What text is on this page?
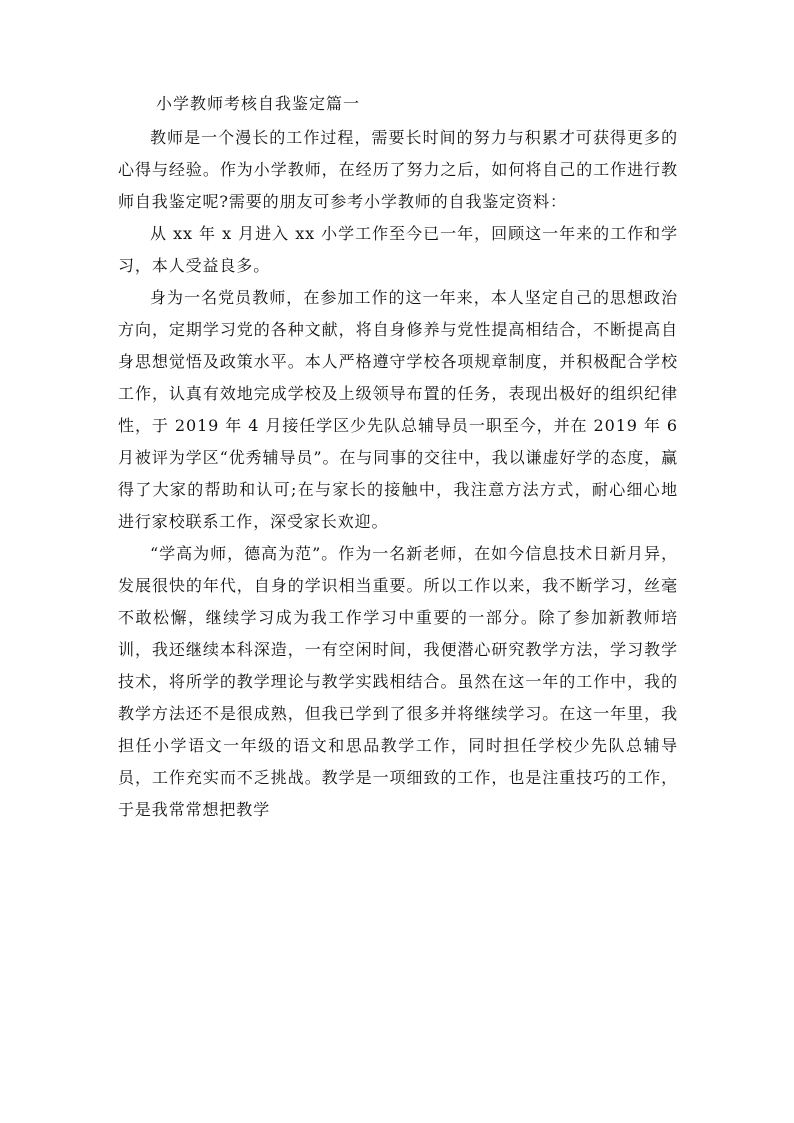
小学教师考核自我鉴定篇一

教师是一个漫长的工作过程，需要长时间的努力与积累才可获得更多的心得与经验。作为小学教师，在经历了努力之后，如何将自己的工作进行教师自我鉴定呢?需要的朋友可参考小学教师的自我鉴定资料：

从 xx 年 x 月进入 xx 小学工作至今已一年，回顾这一年来的工作和学习，本人受益良多。

身为一名党员教师，在参加工作的这一年来，本人坚定自己的思想政治方向，定期学习党的各种文献，将自身修养与党性提高相结合，不断提高自身思想觉悟及政策水平。本人严格遵守学校各项规章制度，并积极配合学校工作，认真有效地完成学校及上级领导布置的任务，表现出极好的组织纪律性，于 2019 年 4 月接任学区少先队总辅导员一职至今，并在 2019 年 6 月被评为学区“优秀辅导员”。在与同事的交往中，我以谦虚好学的态度，赢得了大家的帮助和认可;在与家长的接触中，我注意方法方式，耐心细心地进行家校联系工作，深受家长欢迎。

“学高为师，德高为范”。作为一名新老师，在如今信息技术日新月异，发展很快的年代，自身的学识相当重要。所以工作以来，我不断学习，丝毫不敢松懈，继续学习成为我工作学习中重要的一部分。除了参加新教师培训，我还继续本科深造，一有空闲时间，我便潜心研究教学方法，学习教学技术，将所学的教学理论与教学实践相结合。虽然在这一年的工作中，我的教学方法还不是很成熟，但我已学到了很多并将继续学习。在这一年里，我担任小学语文一年级的语文和思品教学工作，同时担任学校少先队总辅导员，工作充实而不乏挑战。教学是一项细致的工作，也是注重技巧的工作，于是我常常想把教学
